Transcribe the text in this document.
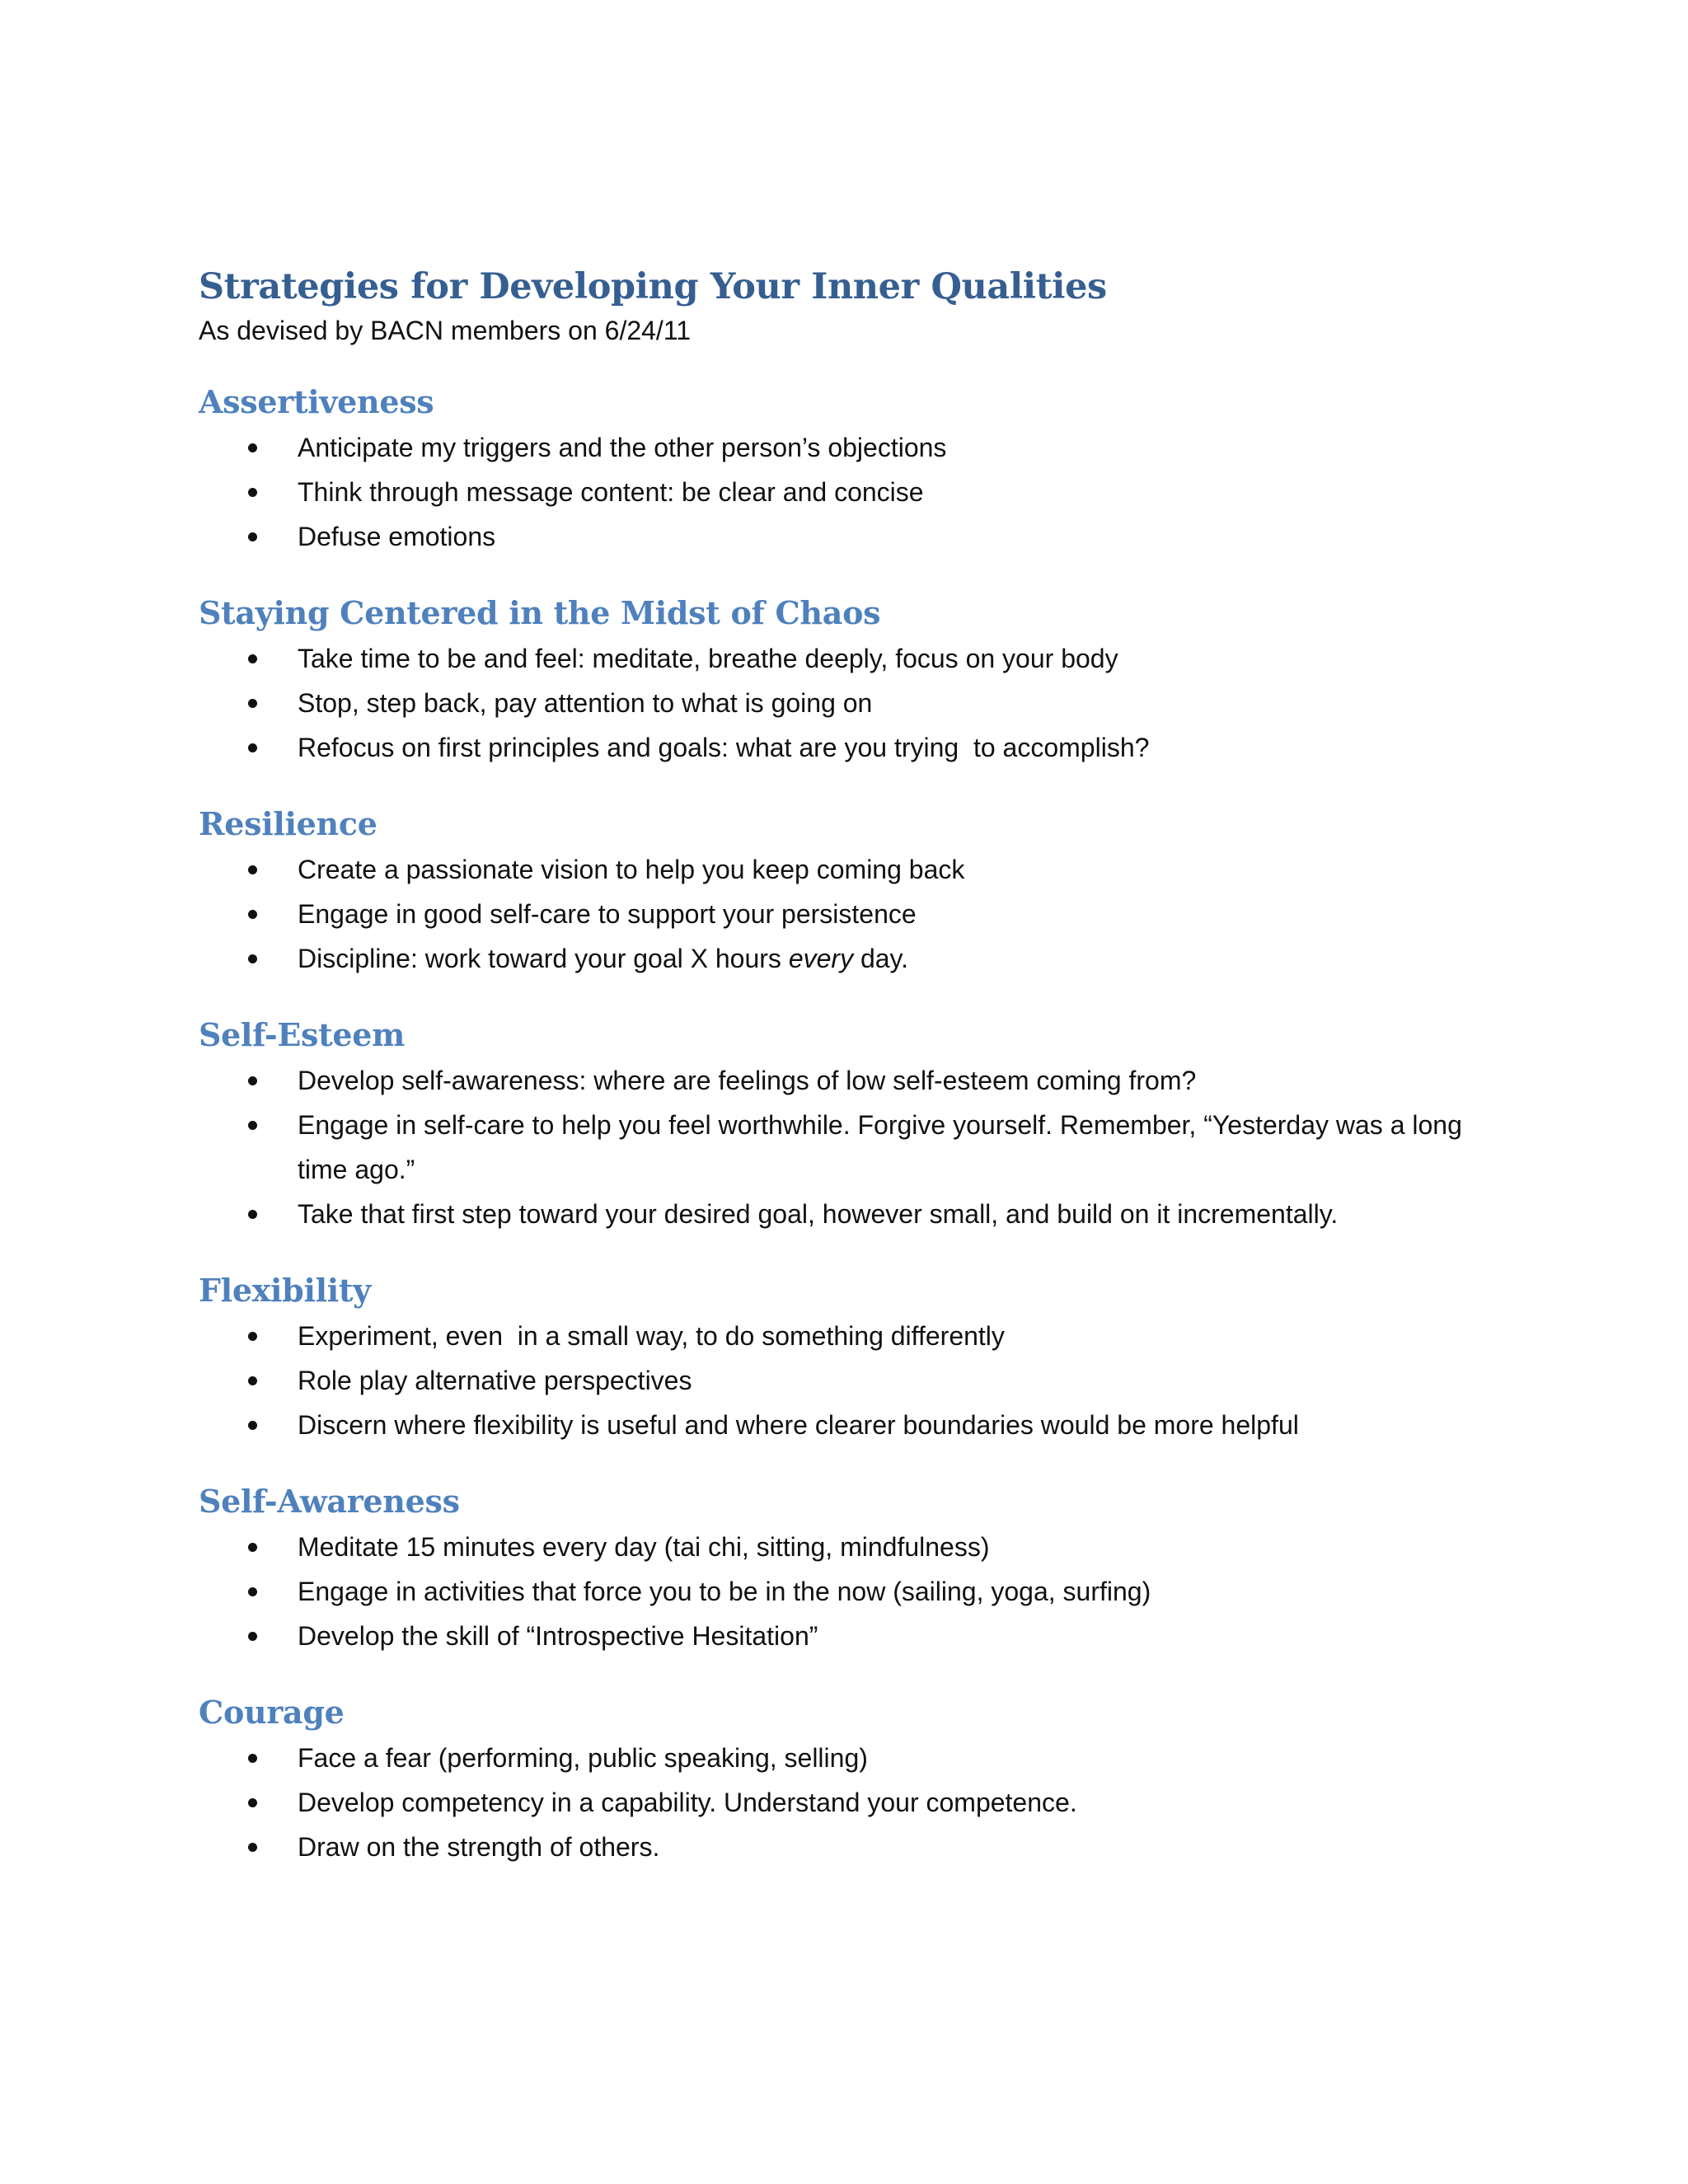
Strategies for Developing Your Inner Qualities

As devised by BACN members on 6/24/11

Assertiveness
Anticipate my triggers and the other person’s objections
Think through message content: be clear and concise
Defuse emotions
Staying Centered in the Midst of Chaos
Take time to be and feel: meditate, breathe deeply, focus on your body
Stop, step back, pay attention to what is going on
Refocus on first principles and goals: what are you trying  to accomplish?
Resilience
Create a passionate vision to help you keep coming back
Engage in good self-care to support your persistence
Discipline: work toward your goal X hours every day.
Self-Esteem
Develop self-awareness: where are feelings of low self-esteem coming from?
Engage in self-care to help you feel worthwhile. Forgive yourself. Remember, “Yesterday was a long time ago.”
Take that first step toward your desired goal, however small, and build on it incrementally.
Flexibility
Experiment, even  in a small way, to do something differently
Role play alternative perspectives
Discern where flexibility is useful and where clearer boundaries would be more helpful
Self-Awareness
Meditate 15 minutes every day (tai chi, sitting, mindfulness)
Engage in activities that force you to be in the now (sailing, yoga, surfing)
Develop the skill of “Introspective Hesitation”
Courage
Face a fear (performing, public speaking, selling)
Develop competency in a capability. Understand your competence.
Draw on the strength of others.
